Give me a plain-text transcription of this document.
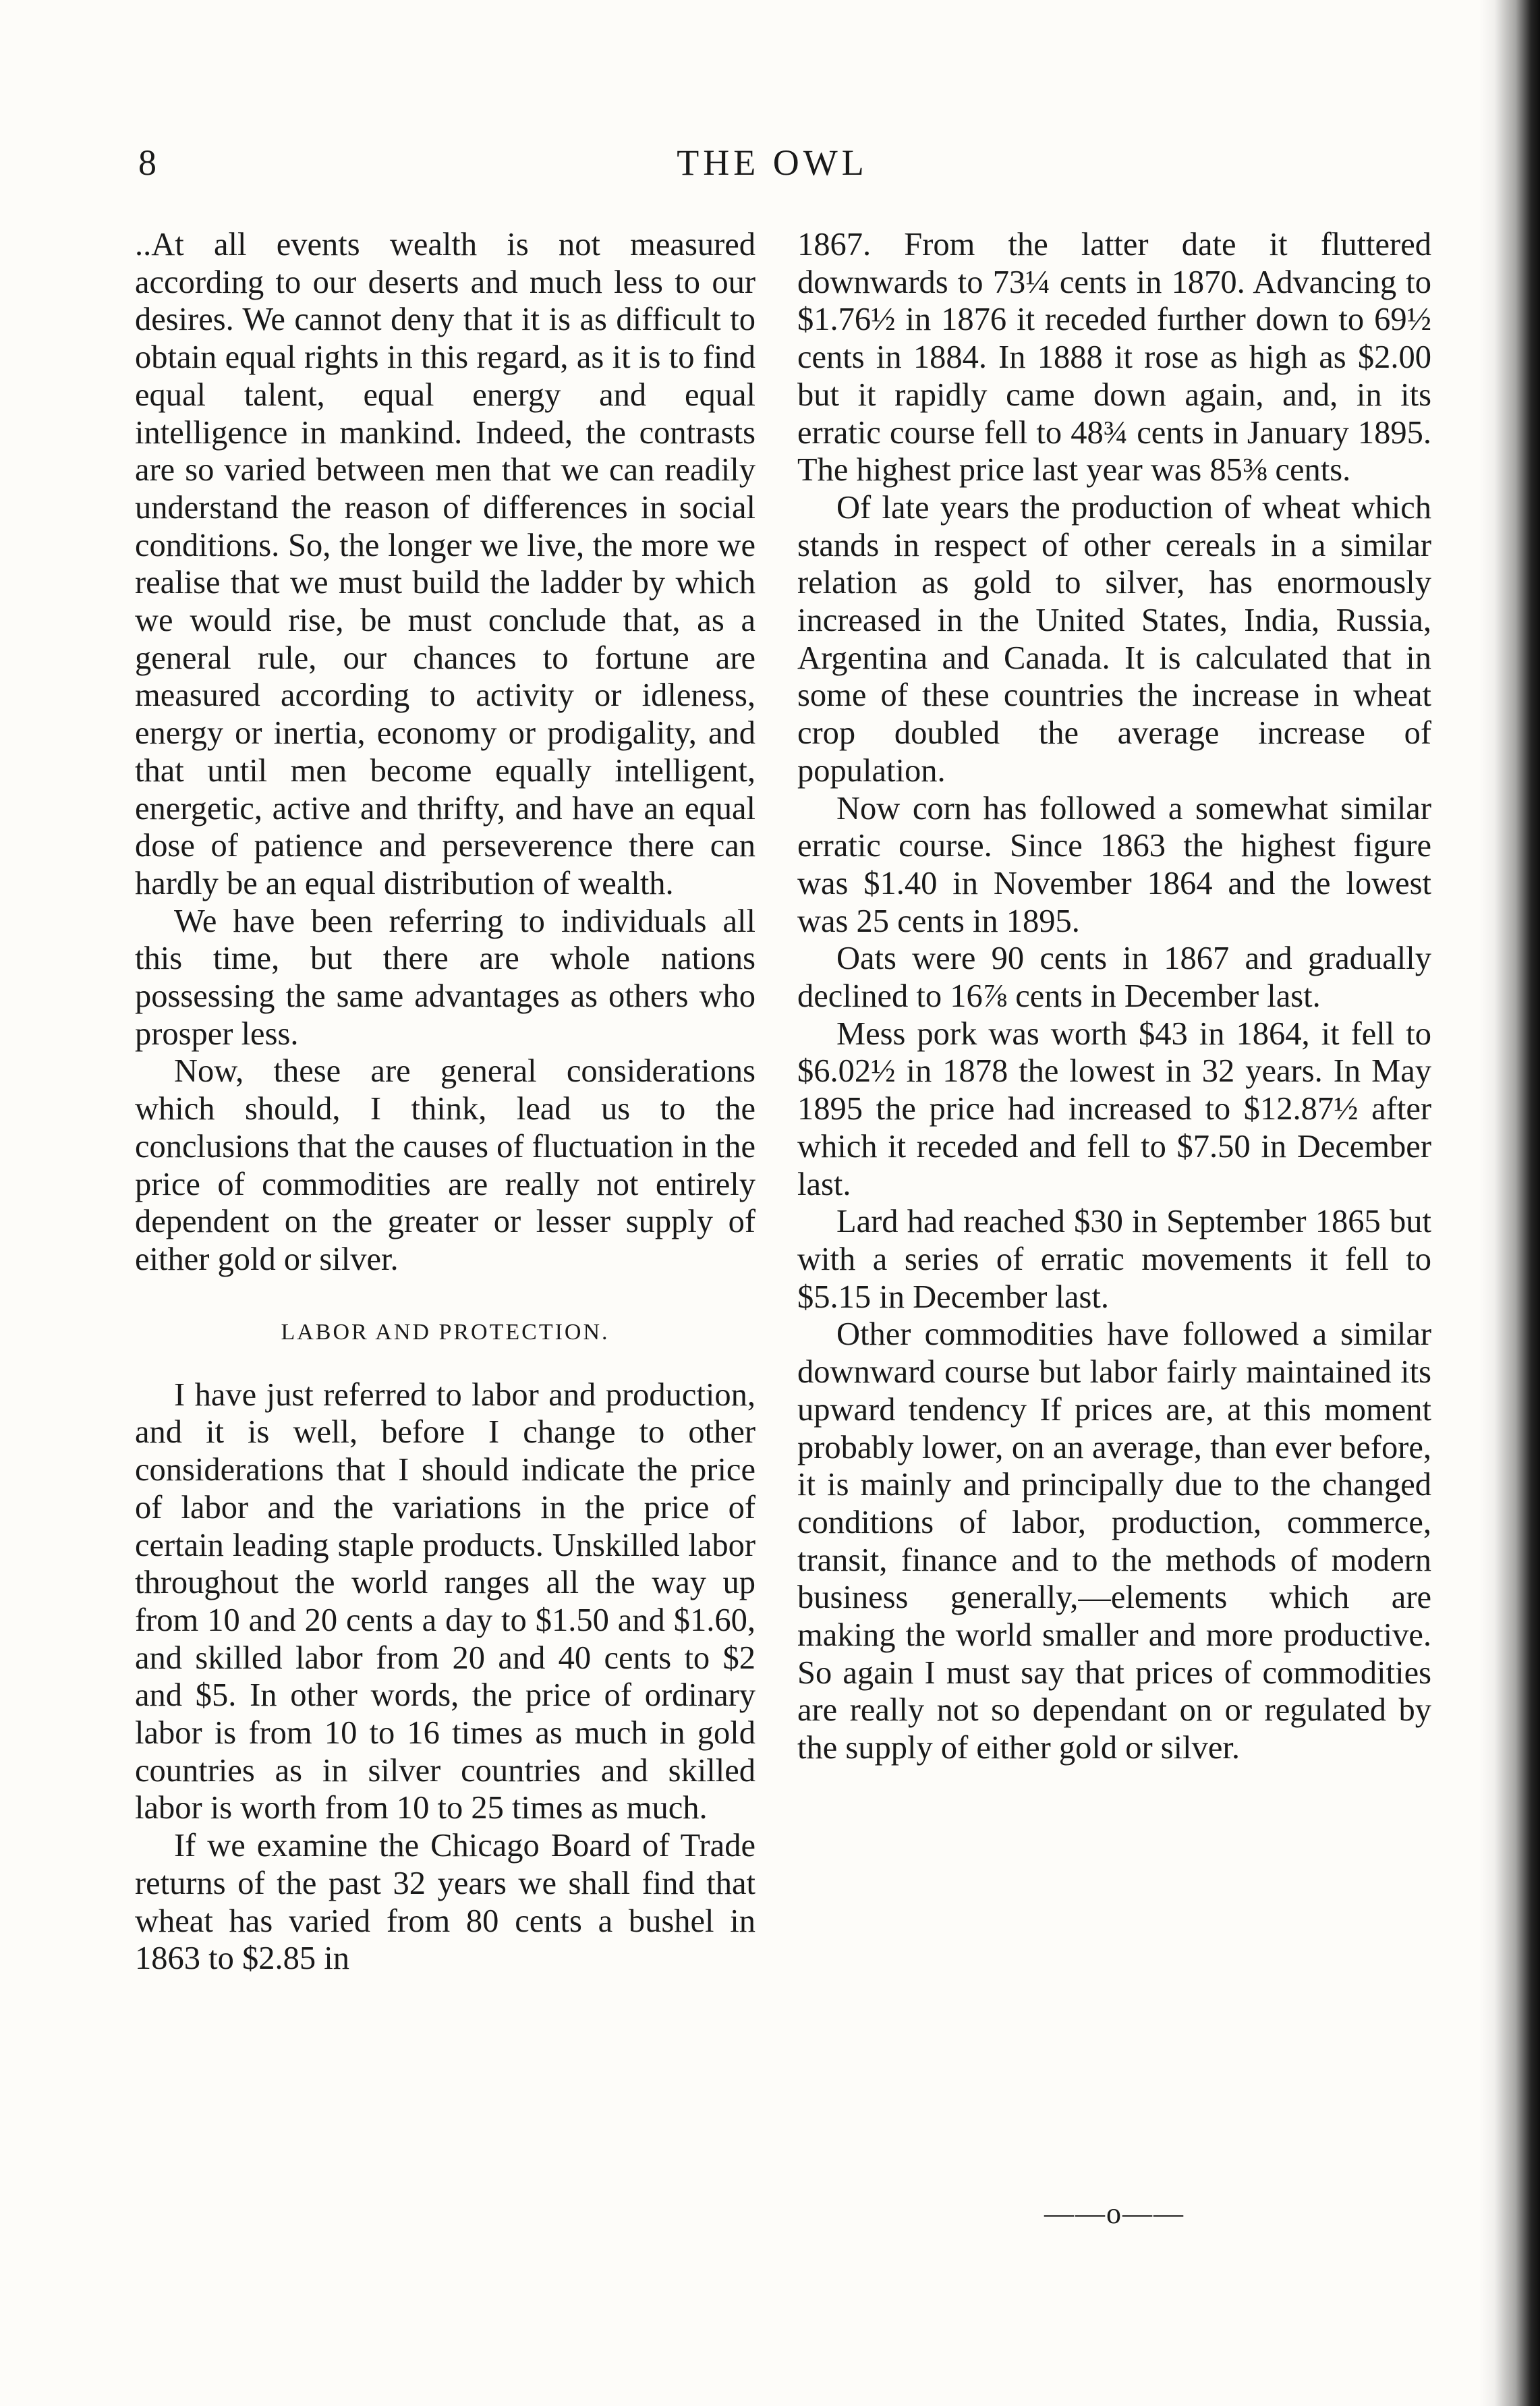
8	THE OWL

..At all events wealth is not measured according to our deserts and much less to our desires. We cannot deny that it is as difficult to obtain equal rights in this regard, as it is to find equal talent, equal energy and equal intelligence in mankind. Indeed, the contrasts are so varied between men that we can readily understand the reason of differences in social conditions. So, the longer we live, the more we realise that we must build the ladder by which we would rise, be must conclude that, as a general rule, our chances to fortune are measured according to activity or idleness, energy or inertia, economy or prodigality, and that until men become equally intelligent, energetic, active and thrifty, and have an equal dose of patience and perseverence there can hardly be an equal distribution of wealth.

We have been referring to individuals all this time, but there are whole nations possessing the same advantages as others who prosper less.

Now, these are general considerations which should, I think, lead us to the conclusions that the causes of fluctuation in the price of commodities are really not entirely dependent on the greater or lesser supply of either gold or silver.

LABOR AND PROTECTION.

I have just referred to labor and production, and it is well, before I change to other considerations that I should indicate the price of labor and the variations in the price of certain leading staple products. Unskilled labor throughout the world ranges all the way up from 10 and 20 cents a day to $1.50 and $1.60, and skilled labor from 20 and 40 cents to $2 and $5. In other words, the price of ordinary labor is from 10 to 16 times as much in gold countries as in silver countries and skilled labor is worth from 10 to 25 times as much.

If we examine the Chicago Board of Trade returns of the past 32 years we shall find that wheat has varied from 80 cents a bushel in 1863 to $2.85 in

1867. From the latter date it fluttered downwards to 73¼ cents in 1870. Advancing to $1.76½ in 1876 it receded further down to 69½ cents in 1884. In 1888 it rose as high as $2.00 but it rapidly came down again, and, in its erratic course fell to 48¾ cents in January 1895. The highest price last year was 85⅜ cents.

Of late years the production of wheat which stands in respect of other cereals in a similar relation as gold to silver, has enormously increased in the United States, India, Russia, Argentina and Canada. It is calculated that in some of these countries the increase in wheat crop doubled the average increase of population.

Now corn has followed a somewhat similar erratic course. Since 1863 the highest figure was $1.40 in November 1864 and the lowest was 25 cents in 1895.

Oats were 90 cents in 1867 and gradually declined to 16⅞ cents in December last.

Mess pork was worth $43 in 1864, it fell to $6.02½ in 1878 the lowest in 32 years. In May 1895 the price had increased to $12.87½ after which it receded and fell to $7.50 in December last.

Lard had reached $30 in September 1865 but with a series of erratic movements it fell to $5.15 in December last.

Other commodities have followed a similar downward course but labor fairly maintained its upward tendency If prices are, at this moment probably lower, on an average, than ever before, it is mainly and principally due to the changed conditions of labor, production, commerce, transit, finance and to the methods of modern business generally,—elements which are making the world smaller and more productive. So again I must say that prices of commodities are really not so dependant on or regulated by the supply of either gold or silver.

——o——
